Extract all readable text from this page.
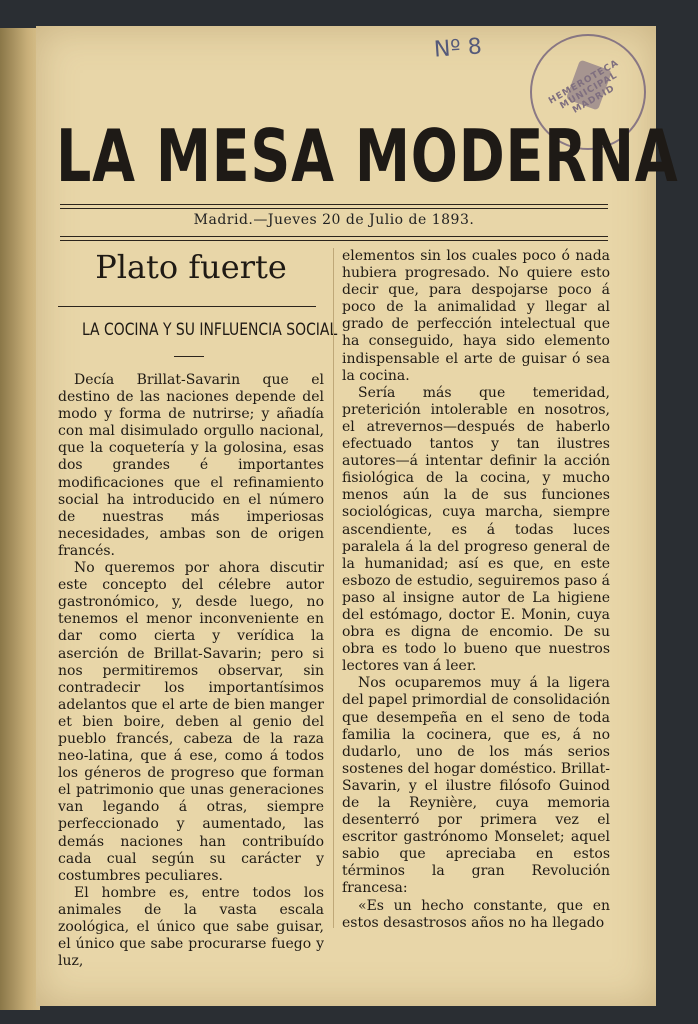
Nº 8
HEMEROTECA MUNICIPAL MADRID
LA MESA MODERNA
Madrid.—Jueves 20 de Julio de 1893.
Plato fuerte
LA COCINA Y SU INFLUENCIA SOCIAL

Decía Brillat-Savarin que el destino de las naciones depende del modo y forma de nutrirse; y añadía con mal disimulado orgullo nacional, que la coquetería y la golosina, esas dos grandes é importantes modificaciones que el refinamiento social ha introducido en el número de nuestras más imperiosas necesidades, ambas son de origen francés.

No queremos por ahora discutir este concepto del célebre autor gastronómico, y, desde luego, no tenemos el menor inconveniente en dar como cierta y verídica la aserción de Brillat-Savarin; pero si nos permitiremos observar, sin contradecir los importantísimos adelantos que el arte de bien manger et bien boire, deben al genio del pueblo francés, cabeza de la raza neo-latina, que á ese, como á todos los géneros de progreso que forman el patrimonio que unas generaciones van legando á otras, siempre perfeccionado y aumentado, las demás naciones han contribuído cada cual según su carácter y costumbres peculiares.

El hombre es, entre todos los animales de la vasta escala zoológica, el único que sabe guisar, el único que sabe procurarse fuego y luz,

elementos sin los cuales poco ó nada hubiera progresado. No quiere esto decir que, para despojarse poco á poco de la animalidad y llegar al grado de perfección intelectual que ha conseguido, haya sido elemento indispensable el arte de guisar ó sea la cocina.

Sería más que temeridad, preterición intolerable en nosotros, el atrevernos—después de haberlo efectuado tantos y tan ilustres autores—á intentar definir la acción fisiológica de la cocina, y mucho menos aún la de sus funciones sociológicas, cuya marcha, siempre ascendiente, es á todas luces paralela á la del progreso general de la humanidad; así es que, en este esbozo de estudio, seguiremos paso á paso al insigne autor de La higiene del estómago, doctor E. Monin, cuya obra es digna de encomio. De su obra es todo lo bueno que nuestros lectores van á leer.

Nos ocuparemos muy á la ligera del papel primordial de consolidación que desempeña en el seno de toda familia la cocinera, que es, á no dudarlo, uno de los más serios sostenes del hogar doméstico. Brillat-Savarin, y el ilustre filósofo Guinod de la Reynière, cuya memoria desenterró por primera vez el escritor gastrónomo Monselet; aquel sabio que apreciaba en estos términos la gran Revolución francesa:

«Es un hecho constante, que en estos desastrosos años no ha llegado
